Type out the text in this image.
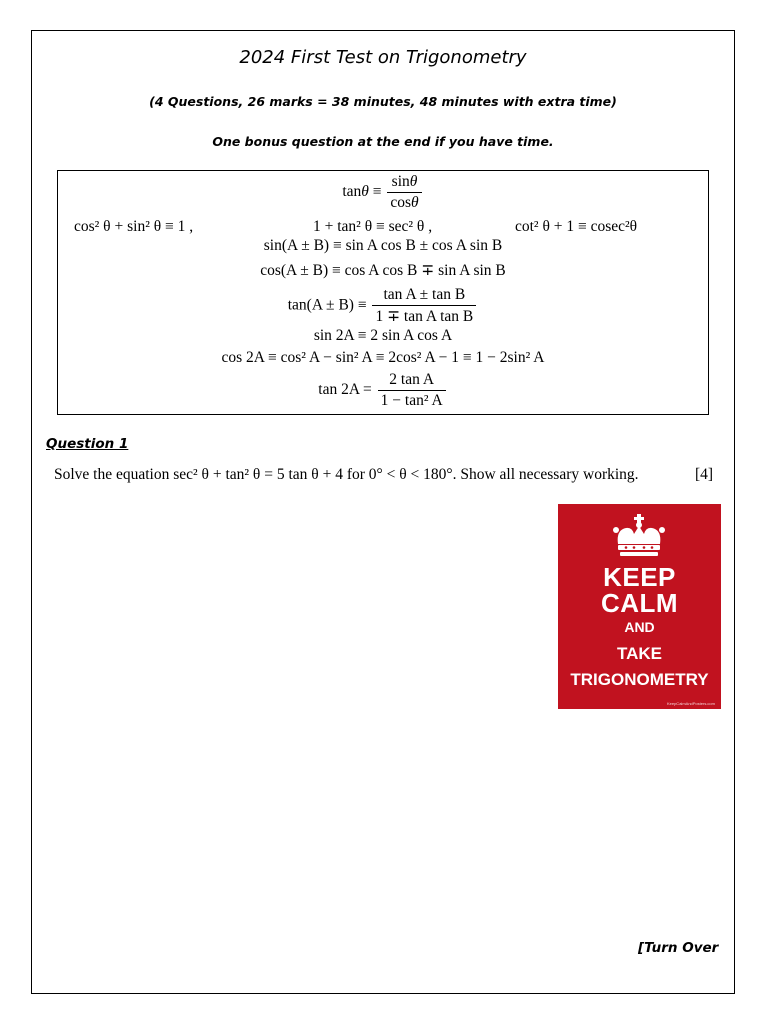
2024 First Test on Trigonometry
(4 Questions, 26 marks = 38 minutes, 48 minutes with extra time)
One bonus question at the end if you have time.
$\tan\theta \equiv \frac{\sin\theta}{\cos\theta}$
cos² θ + sin² θ ≡ 1 ,	1 + tan² θ ≡ sec² θ ,	cot² θ + 1 ≡ cosec²θ
sin(A ± B) ≡ sin A cos B ± cos A sin B
cos(A ± B) ≡ cos A cos B ∓ sin A sin B
$\tan(A \pm B) \equiv \frac{\text{tan A ± tan B}}{\text{1 ∓ tan A tan B}}$
sin 2A ≡ 2 sin A cos A
cos 2A ≡ cos² A − sin² A ≡ 2cos² A − 1 ≡ 1 − 2sin² A
$\tan 2A = \frac{\text{2 tan A}}{\text{1 − tan² A}}$
Question 1
Solve the equation sec² θ + tan² θ = 5 tan θ + 4 for 0° < θ < 180°. Show all necessary working.	[4]
KEEP
CALM
AND
TAKE
TRIGONOMETRY
KeepCalmAndPosters.com
[Turn Over
